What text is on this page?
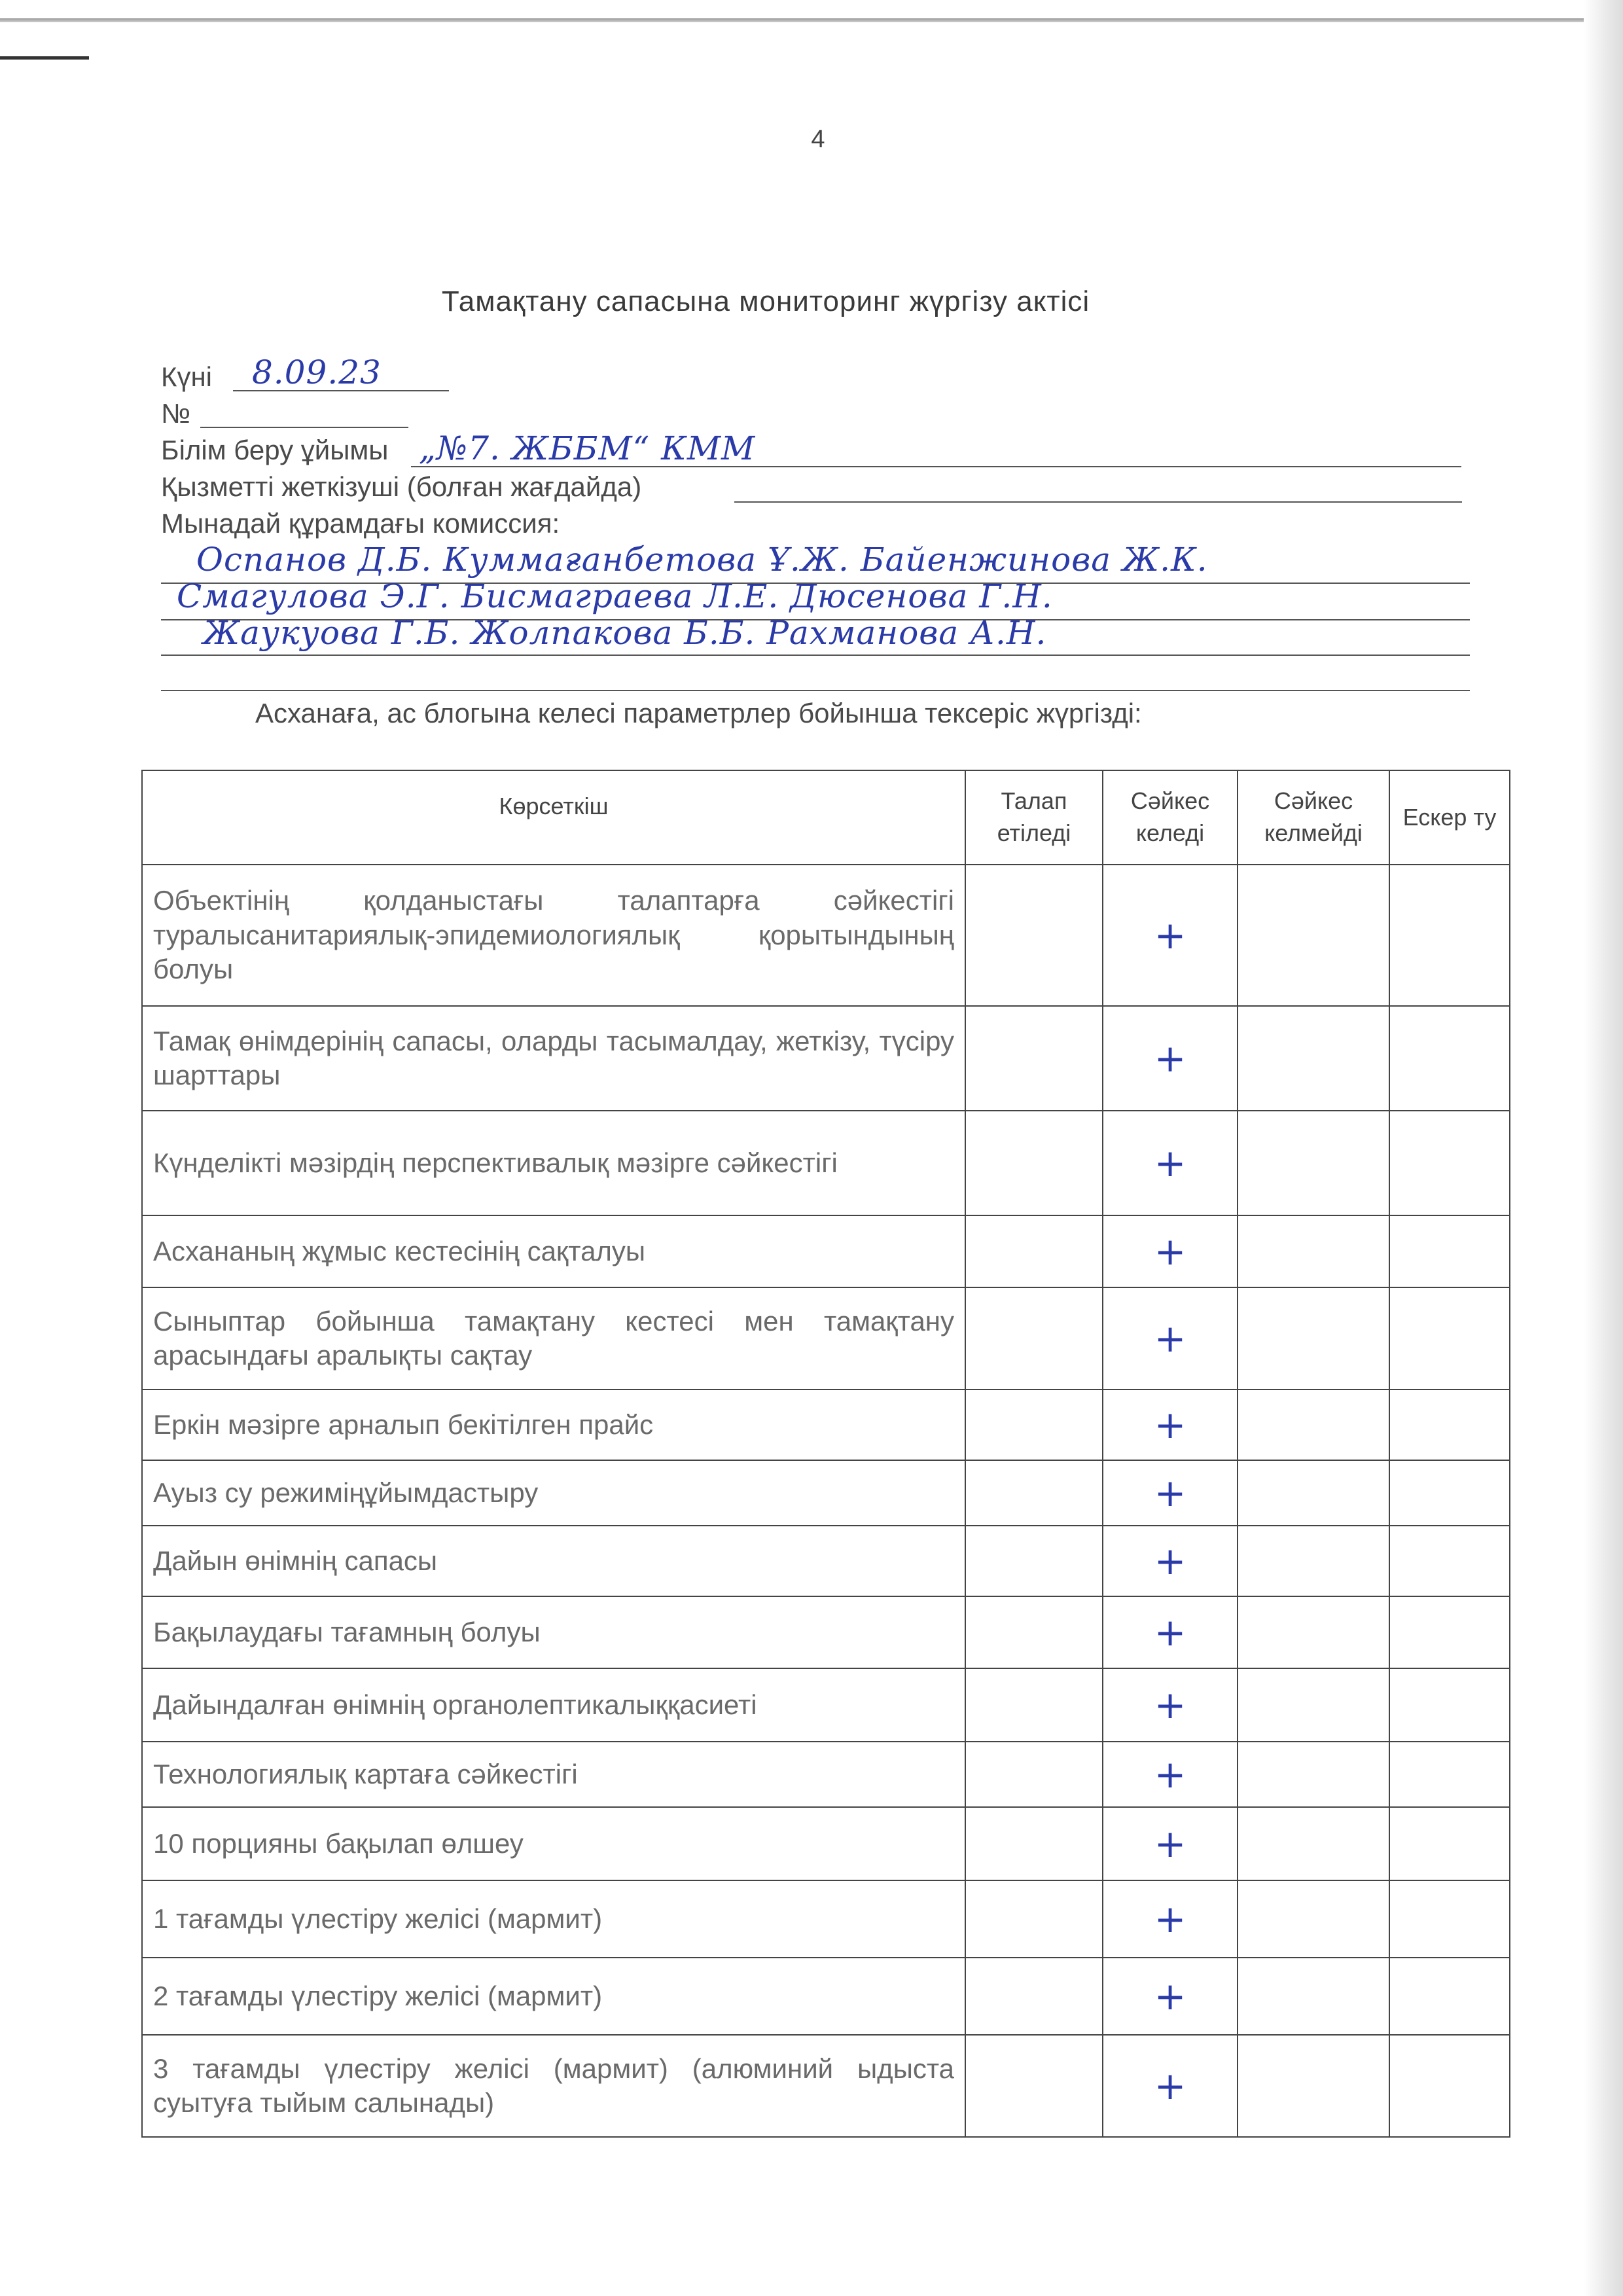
4
Тамақтану сапасына мониторинг жүргізу актісі
Күні 8.09.23
№
Білім беру ұйымы „№7. ЖББМ“ КММ
Қызметті жеткізуші (болған жағдайда)
Мынадай құрамдағы комиссия:
Оспанов Д.Б. Куммағанбетова Ұ.Ж. Байенжинова Ж.К.
Смагулова Э.Г. Бисмаграева Л.Е. Дюсенова Г.Н.
Жаукуова Г.Б. Жолпакова Б.Б. Рахманова А.Н.
Асханаға, ас блогына келесі параметрлер бойынша тексеріс жүргізді:
Көрсеткіш	Талап етіледі	Сәйкес келеді	Сәйкес келмейді	Ескер ту
Объектінің қолданыстағы талаптарға сәйкестігі туралысанитариялық-эпидемиологиялық қорытындының болуы		+		
Тамақ өнімдерінің сапасы, оларды тасымалдау, жеткізу, түсіру шарттары		+		
Күнделікті мәзірдің перспективалық мәзірге сәйкестігі		+		
Асхананың жұмыс кестесінің сақталуы		+		
Сыныптар бойынша тамақтану кестесі мен тамақтану арасындағы аралықты сақтау		+		
Еркін мәзірге арналып бекітілген прайс		+		
Ауыз су режиміңұйымдастыру		+		
Дайын өнімнің сапасы		+		
Бақылаудағы тағамның болуы		+		
Дайындалған өнімнің органолептикалыққасиеті		+		
Технологиялық картаға сәйкестігі		+		
10 порцияны бақылап өлшеу		+		
1 тағамды үлестіру желісі (мармит)		+		
2 тағамды үлестіру желісі (мармит)		+		
3 тағамды үлестіру желісі (мармит) (алюминий ыдыста суытуға тыйым салынады)		+		
